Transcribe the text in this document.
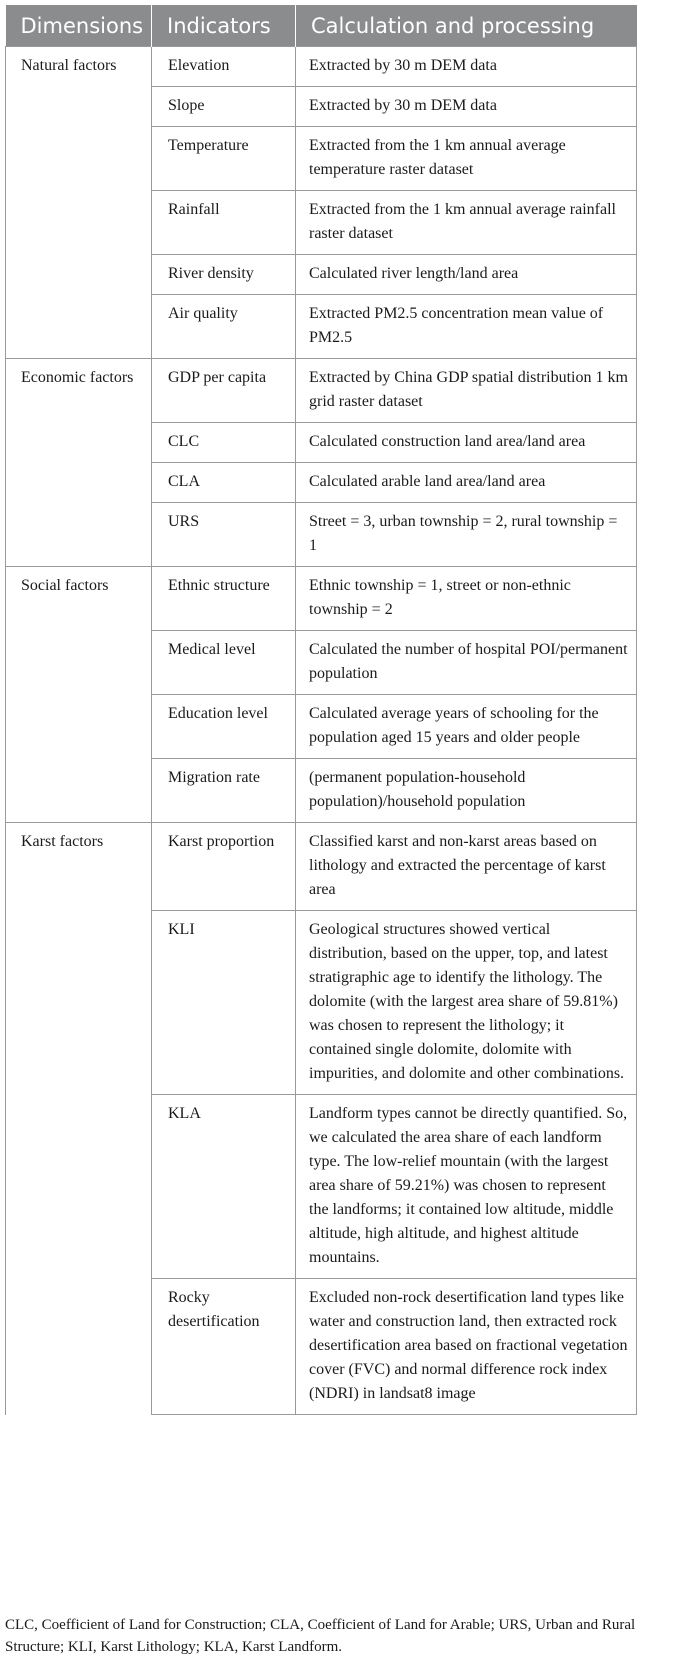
Dimensions	Indicators	Calculation and processing
Natural factors	Elevation	Extracted by 30 m DEM data
	Slope	Extracted by 30 m DEM data
	Temperature	Extracted from the 1 km annual average temperature raster dataset
	Rainfall	Extracted from the 1 km annual average rainfall raster dataset
	River density	Calculated river length/land area
	Air quality	Extracted PM2.5 concentration mean value of PM2.5
Economic factors	GDP per capita	Extracted by China GDP spatial distribution 1 km grid raster dataset
	CLC	Calculated construction land area/land area
	CLA	Calculated arable land area/land area
	URS	Street = 3, urban township = 2, rural township = 1
Social factors	Ethnic structure	Ethnic township = 1, street or non-ethnic township = 2
	Medical level	Calculated the number of hospital POI/permanent population
	Education level	Calculated average years of schooling for the population aged 15 years and older people
	Migration rate	(permanent population-household population)/household population
Karst factors	Karst proportion	Classified karst and non-karst areas based on lithology and extracted the percentage of karst area
	KLI	Geological structures showed vertical distribution, based on the upper, top, and latest stratigraphic age to identify the lithology. The dolomite (with the largest area share of 59.81%) was chosen to represent the lithology; it contained single dolomite, dolomite with impurities, and dolomite and other combinations.
	KLA	Landform types cannot be directly quantified. So, we calculated the area share of each landform type. The low-relief mountain (with the largest area share of 59.21%) was chosen to represent the landforms; it contained low altitude, middle altitude, high altitude, and highest altitude mountains.
	Rocky desertification	Excluded non-rock desertification land types like water and construction land, then extracted rock desertification area based on fractional vegetation cover (FVC) and normal difference rock index (NDRI) in landsat8 image

CLC, Coefficient of Land for Construction; CLA, Coefficient of Land for Arable; URS, Urban and Rural Structure; KLI, Karst Lithology; KLA, Karst Landform.
